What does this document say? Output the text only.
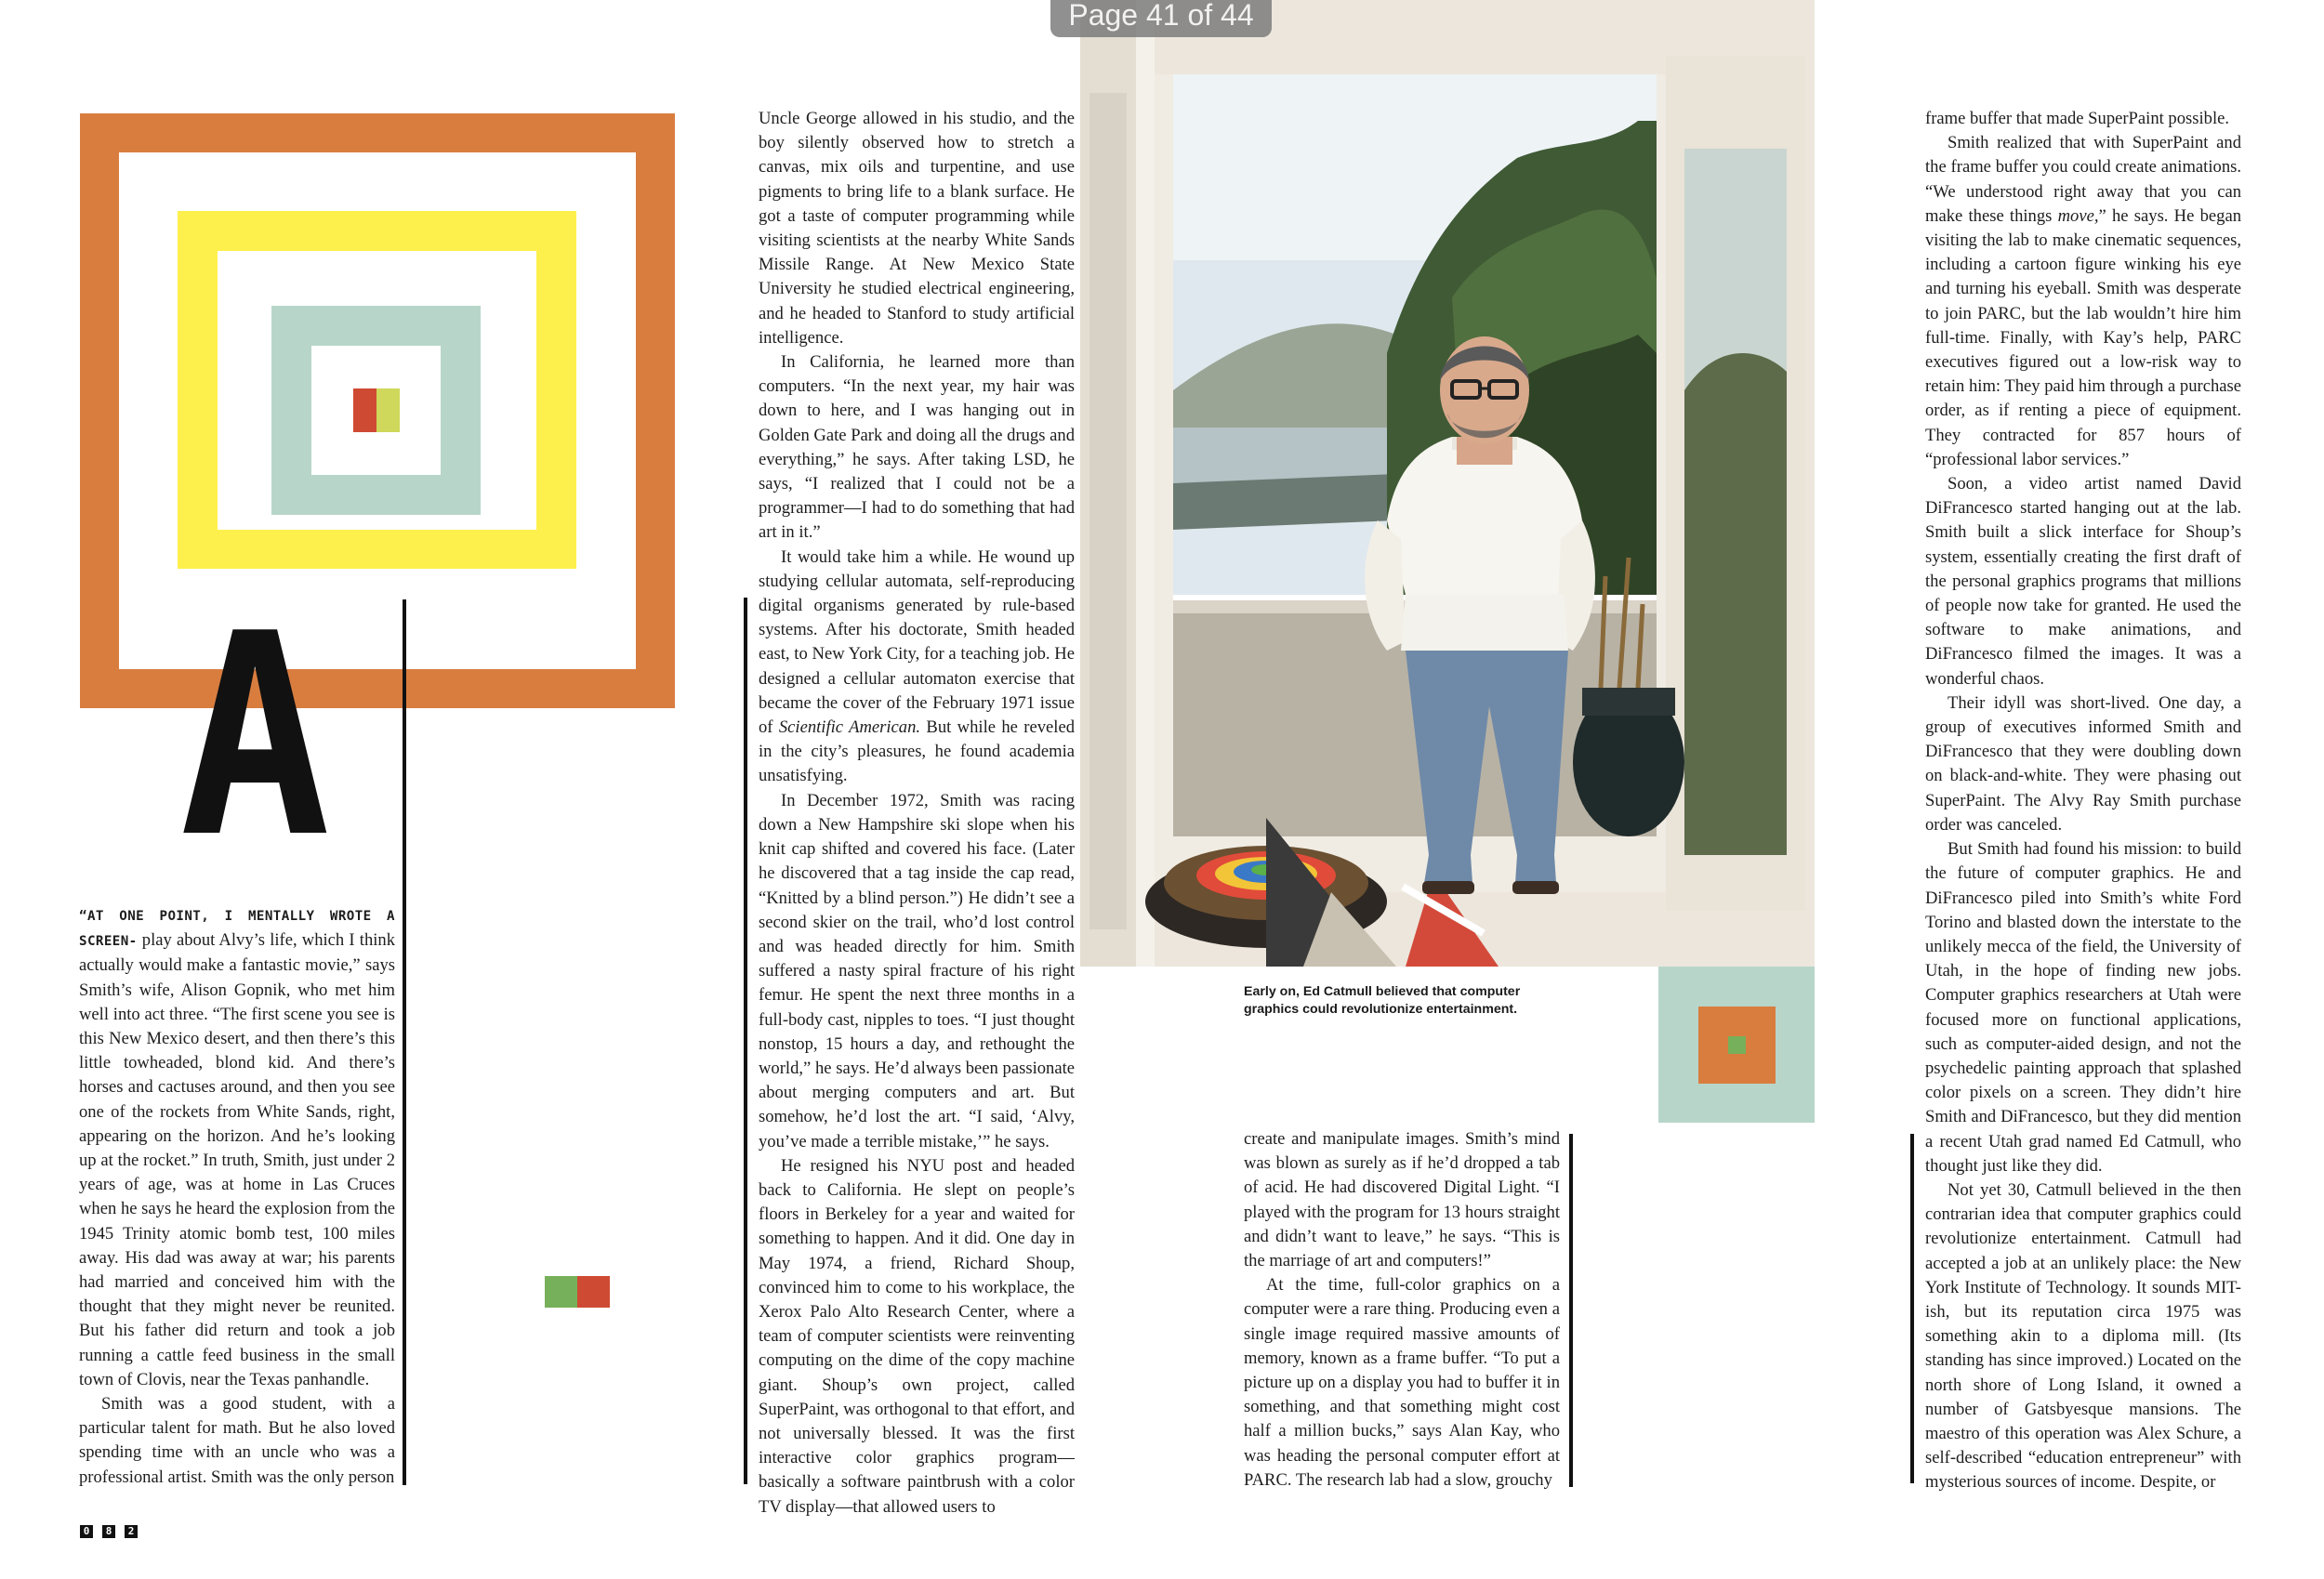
A
Page 41 of 44
Early on, Ed Catmull believed that computer graphics could revolutionize entertainment.

“AT ONE POINT, I MENTALLY WROTE A SCREEN- play about Alvy’s life, which I think actually would make a fantastic movie,” says Smith’s wife, Alison Gopnik, who met him well into act three. “The first scene you see is this New Mexico desert, and then there’s this little towheaded, blond kid. And there’s horses and cactuses around, and then you see one of the rockets from White Sands, right, appearing on the horizon. And he’s looking up at the rocket.” In truth, Smith, just under 2 years of age, was at home in Las Cruces when he says he heard the explosion from the 1945 Trinity atomic bomb test, 100 miles away. His dad was away at war; his parents had married and conceived him with the thought that they might never be reunited. But his father did return and took a job running a cattle feed business in the small town of Clovis, near the Texas panhandle.

Smith was a good student, with a particular talent for math. But he also loved spending time with an uncle who was a professional artist. Smith was the only person

Uncle George allowed in his studio, and the boy silently observed how to stretch a canvas, mix oils and turpentine, and use pigments to bring life to a blank surface. He got a taste of computer programming while visiting scientists at the nearby White Sands Missile Range. At New Mexico State University he studied electrical engineering, and he headed to Stanford to study artificial intelligence.

In California, he learned more than computers. “In the next year, my hair was down to here, and I was hanging out in Golden Gate Park and doing all the drugs and everything,” he says. After taking LSD, he says, “I realized that I could not be a programmer—I had to do something that had art in it.”

It would take him a while. He wound up studying cellular automata, self-reproducing digital organisms generated by rule-based systems. After his doctorate, Smith headed east, to New York City, for a teaching job. He designed a cellular automaton exercise that became the cover of the February 1971 issue of Scientific American. But while he reveled in the city’s pleasures, he found academia unsatisfying.

In December 1972, Smith was racing down a New Hampshire ski slope when his knit cap shifted and covered his face. (Later he discovered that a tag inside the cap read, “Knitted by a blind person.”) He didn’t see a second skier on the trail, who’d lost control and was headed directly for him. Smith suffered a nasty spiral fracture of his right femur. He spent the next three months in a full-body cast, nipples to toes. “I just thought nonstop, 15 hours a day, and rethought the world,” he says. He’d always been passionate about merging computers and art. But somehow, he’d lost the art. “I said, ‘Alvy, you’ve made a terrible mistake,’” he says.

He resigned his NYU post and headed back to California. He slept on people’s floors in Berkeley for a year and waited for something to happen. And it did. One day in May 1974, a friend, Richard Shoup, convinced him to come to his workplace, the Xerox Palo Alto Research Center, where a team of computer scientists were reinventing computing on the dime of the copy machine giant. Shoup’s own project, called SuperPaint, was orthogonal to that effort, and not universally blessed. It was the first interactive color graphics program—basically a software paintbrush with a color TV display—that allowed users to

create and manipulate images. Smith’s mind was blown as surely as if he’d dropped a tab of acid. He had discovered Digital Light. “I played with the program for 13 hours straight and didn’t want to leave,” he says. “This is the marriage of art and computers!”

At the time, full-color graphics on a computer were a rare thing. Producing even a single image required massive amounts of memory, known as a frame buffer. “To put a picture up on a display you had to buffer it in something, and that something might cost half a million bucks,” says Alan Kay, who was heading the personal computer effort at PARC. The research lab had a slow, grouchy

frame buffer that made SuperPaint possible.

Smith realized that with SuperPaint and the frame buffer you could create animations. “We understood right away that you can make these things move,” he says. He began visiting the lab to make cinematic sequences, including a cartoon figure winking his eye and turning his eyeball. Smith was desperate to join PARC, but the lab wouldn’t hire him full-time. Finally, with Kay’s help, PARC executives figured out a low-risk way to retain him: They paid him through a purchase order, as if renting a piece of equipment. They contracted for 857 hours of “professional labor services.”

Soon, a video artist named David DiFrancesco started hanging out at the lab. Smith built a slick interface for Shoup’s system, essentially creating the first draft of the personal graphics programs that millions of people now take for granted. He used the software to make animations, and DiFrancesco filmed the images. It was a wonderful chaos.

Their idyll was short-lived. One day, a group of executives informed Smith and DiFrancesco that they were doubling down on black-and-white. They were phasing out SuperPaint. The Alvy Ray Smith purchase order was canceled.

But Smith had found his mission: to build the future of computer graphics. He and DiFrancesco piled into Smith’s white Ford Torino and blasted down the interstate to the unlikely mecca of the field, the University of Utah, in the hope of finding new jobs. Computer graphics researchers at Utah were focused more on functional applications, such as computer-aided design, and not the psychedelic painting approach that splashed color pixels on a screen. They didn’t hire Smith and DiFrancesco, but they did mention a recent Utah grad named Ed Catmull, who thought just like they did.

Not yet 30, Catmull believed in the then contrarian idea that computer graphics could revolutionize entertainment. Catmull had accepted a job at an unlikely place: the New York Institute of Technology. It sounds MIT-ish, but its reputation circa 1975 was something akin to a diploma mill. (Its standing has since improved.) Located on the north shore of Long Island, it owned a number of Gatsbyesque mansions. The maestro of this operation was Alex Schure, a self-described “education entrepreneur” with mysterious sources of income. Despite, or

0	8	2
